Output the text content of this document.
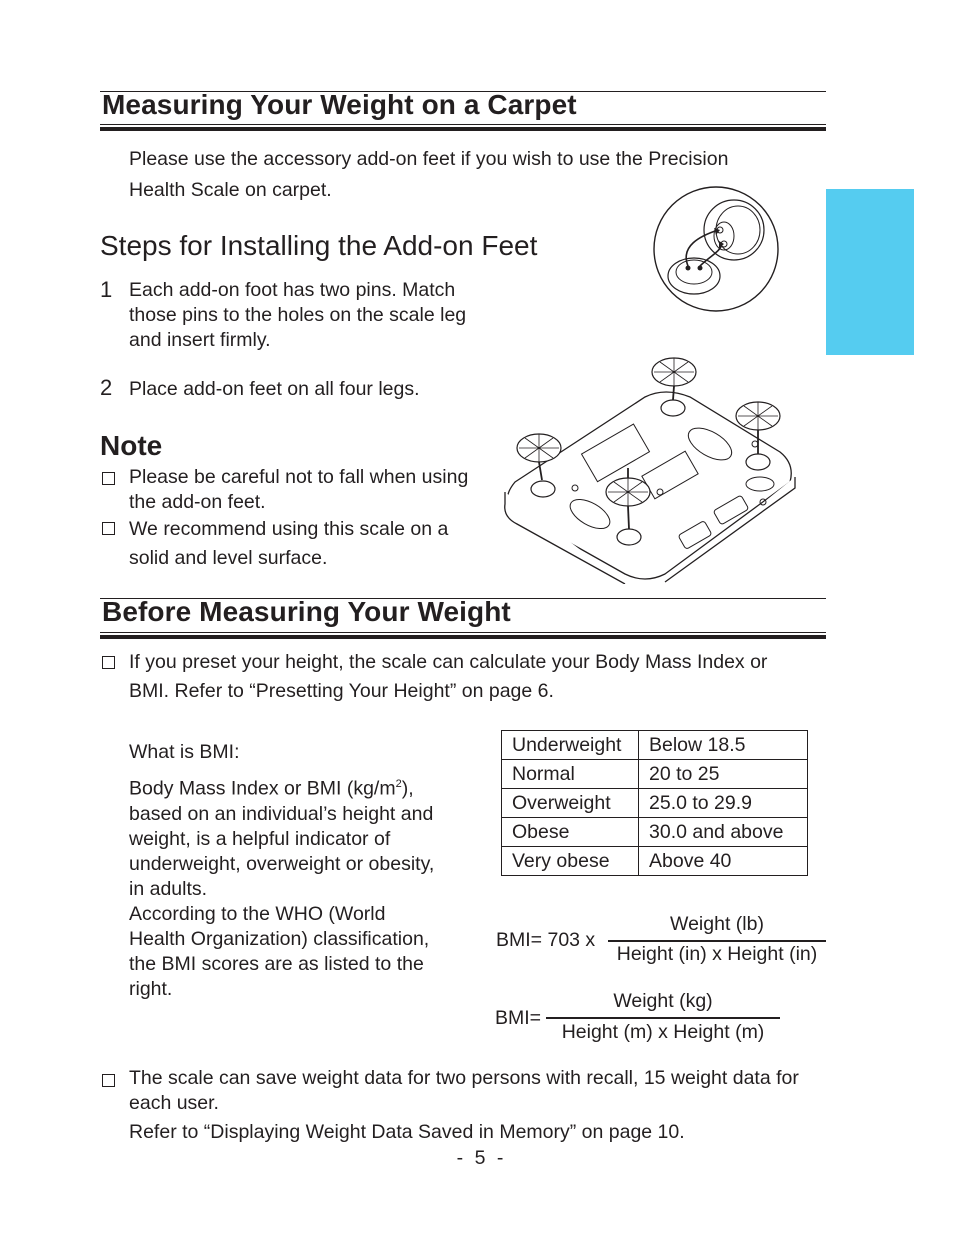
Measuring Your Weight on a Carpet
Please use the accessory add-on feet if you wish to use the Precision
Health Scale on carpet.
Steps for Installing the Add-on Feet
1 Each add-on foot has two pins. Match
those pins to the holes on the scale leg
and insert firmly.
2 Place add-on feet on all four legs.
Note
Please be careful not to fall when using
the add-on feet.
We recommend using this scale on a
solid and level surface.
Before Measuring Your Weight
If you preset your height, the scale can calculate your Body Mass Index or
BMI. Refer to “Presetting Your Height” on page 6.
What is BMI:
Body Mass Index or BMI $(kg/m^2)$,
based on an individual’s height and
weight, is a helpful indicator of
underweight, overweight or obesity,
in adults.
According to the WHO (World
Health Organization) classification,
the BMI scores are as listed to the
right.
Underweight	Below 18.5
Normal	20 to 25
Overweight	25.0 to 29.9
Obese	30.0 and above
Very obese	Above 40
BMI= 703 x
Weight (lb)
Height (in) x Height (in)
BMI=
Weight (kg)
Height (m) x Height (m)
The scale can save weight data for two persons with recall, 15 weight data for
each user.
Refer to “Displaying Weight Data Saved in Memory” on page 10.
- 5 -
